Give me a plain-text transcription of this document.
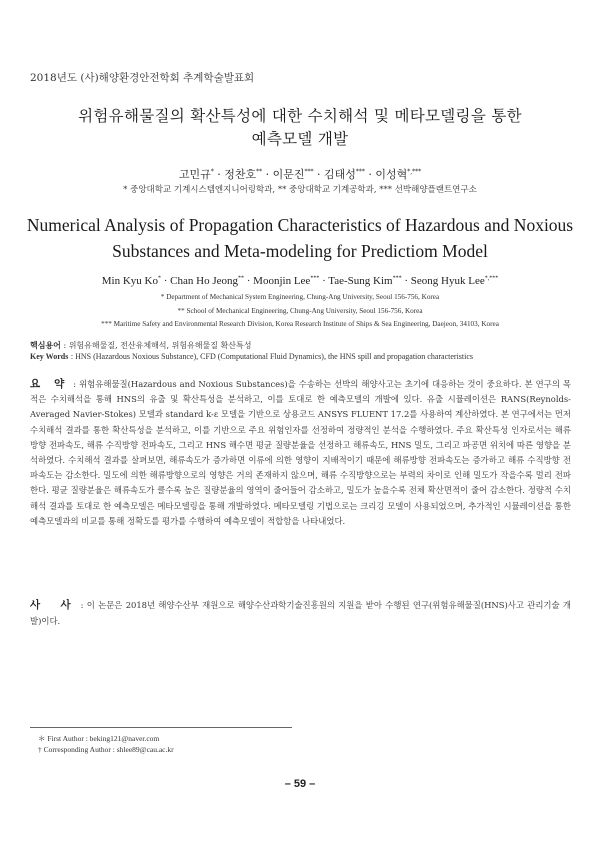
2018년도 (사)해양환경안전학회 추계학술발표회
위험유해물질의 확산특성에 대한 수치해석 및 메타모델링을 통한
예측모델 개발
고민규* · 정찬호** · 이문진*** · 김태성*** · 이성혁*,***
* 중앙대학교 기계시스템엔지니어링학과, ** 중앙대학교 기계공학과, *** 선박해양플랜트연구소
Numerical Analysis of Propagation Characteristics of Hazardous and Noxious
Substances and Meta-modeling for Predictiom Model
Min Kyu Ko* · Chan Ho Jeong** · Moonjin Lee*** · Tae-Sung Kim*** · Seong Hyuk Lee*,***
* Department of Mechanical System Engineering, Chung-Ang University, Seoul 156-756, Korea
** School of Mechanical Engineering, Chung-Ang University, Seoul 156-756, Korea
*** Maritime Safety and Environmental Research Division, Korea Research Institute of Ships & Sea Engineering, Daejeon, 34103, Korea
핵심용어 : 위험유해물질, 전산유체해석, 위험유해물질 확산특성
Key Words : HNS (Hazardous Noxious Substance), CFD (Computational Fluid Dynamics), the HNS spill and propagation characteristics
요 약 : 위험유해물질(Hazardous and Noxious Substances)을 수송하는 선박의 해양사고는 초기에 대응하는 것이 중요하다. 본 연구의 목적은 수치해석을 통해 HNS의 유출 및 확산특성을 분석하고, 이를 토대로 한 예측모델의 개발에 있다. 유출 시뮬레이션은 RANS(Reynolds-Averaged Navier-Stokes) 모델과 standard k-ε 모델을 기반으로 상용코드 ANSYS FLUENT 17.2를 사용하여 계산하였다. 본 연구에서는 먼저 수치해석 결과를 통한 확산특성을 분석하고, 이를 기반으로 주요 위험인자를 선정하여 정량적인 분석을 수행하였다. 주요 확산특성 인자로서는 해류방향 전파속도, 해류 수직방향 전파속도, 그리고 HNS 해수면 평균 질량분율을 선정하고 해류속도, HNS 밀도, 그리고 파공면 위치에 따른 영향을 분석하였다. 수치해석 결과를 살펴보면, 해류속도가 증가하면 이류에 의한 영향이 지배적이기 때문에 해류방향 전파속도는 증가하고 해류 수직방향 전파속도는 감소한다. 밀도에 의한 해류방향으로의 영향은 거의 존재하지 않으며, 해류 수직방향으로는 부력의 차이로 인해 밀도가 작을수록 멀리 전파한다. 평균 질량분율은 해류속도가 클수록 높은 질량분율의 영역이 줄어들어 감소하고, 밀도가 높을수록 전체 확산면적이 줄어 감소한다. 정량적 수치해석 결과를 토대로 한 예측모델은 메타모델링을 통해 개발하였다. 메타모델링 기법으로는 크리깅 모델이 사용되었으며, 추가적인 시뮬레이션을 통한 예측모델과의 비교를 통해 정확도를 평가를 수행하여 예측모델이 적합함을 나타내었다.
사 사 : 이 논문은 2018년 해양수산부 재원으로 해양수산과학기술진흥원의 지원을 받아 수행된 연구(위험유해물질(HNS)사고 관리기술 개발)이다.
＊ First Author : beking121@naver.com
† Corresponding Author : shlee89@cau.ac.kr
– 59 –
